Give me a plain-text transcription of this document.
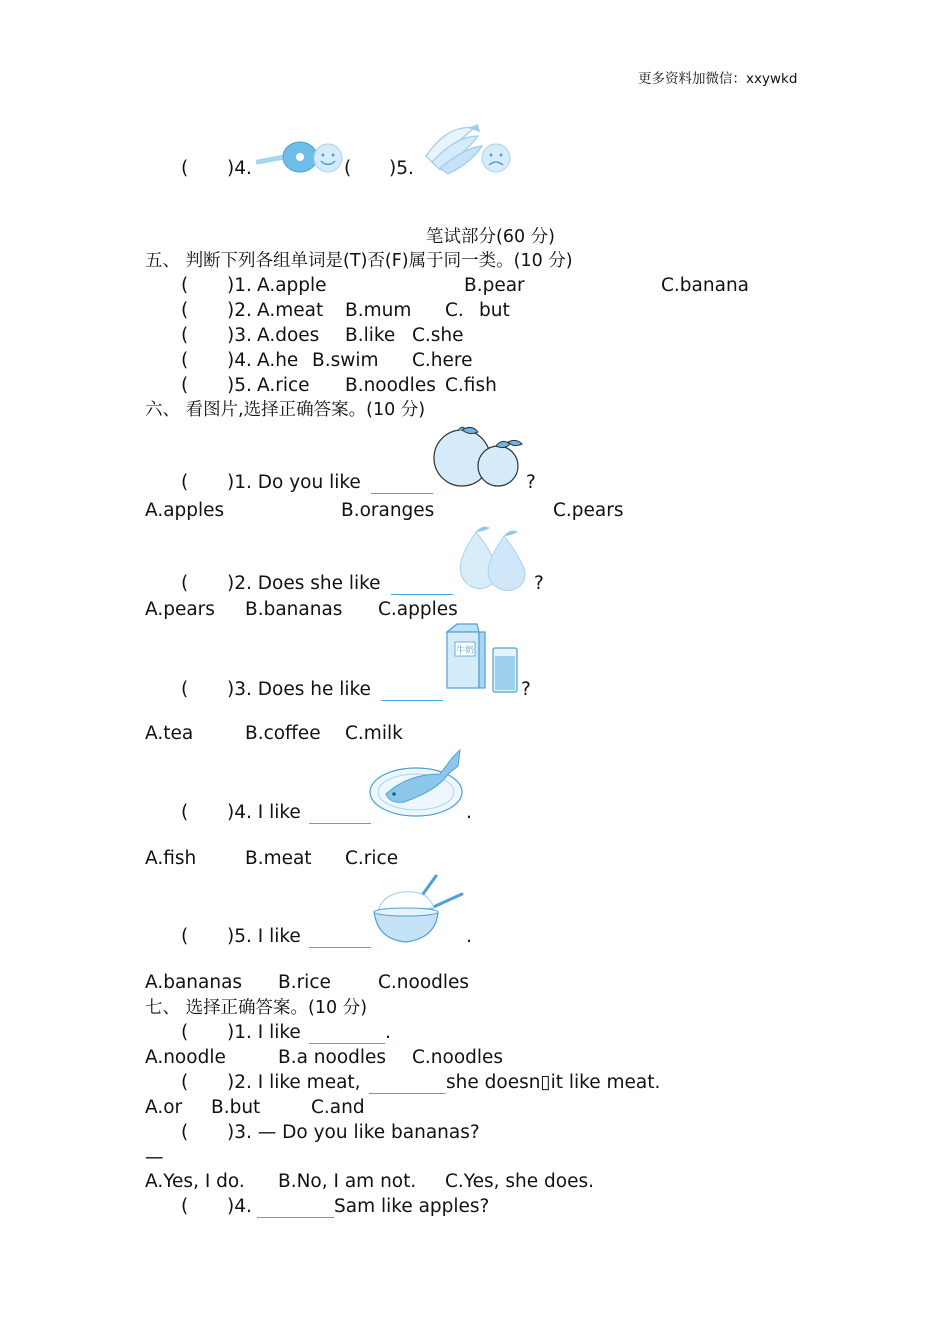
更多资料加微信：xxywkd
( )4.	( )5.
笔试部分(60 分)
五、 判断下列各组单词是(T)否(F)属于同一类。(10 分)
( )1. A.apple	B.pear	C.banana
( )2. A.meat B.mum C. but
( )3. A.does B.like C.she
( )4. A.he B.swim C.here
( )5. A.rice B.noodles C.fish
六、 看图片,选择正确答案。(10 分)
( )1. Do you like	?
A.apples	B.oranges	C.pears
( )2. Does she like	?
A.pears B.bananas C.apples
( )3. Does he like
牛奶
?
A.tea	B.coffee C.milk
( )4. I like	.
A.fish	B.meat C.rice
( )5. I like	.
A.bananas B.rice	C.noodles
七、 选择正确答案。(10 分)
( )1. I like	.
A.noodle	B.a noodles C.noodles
( )2. I like meat,	she doesn▯it like meat.
A.or B.but	C.and
( )3. — Do you like bananas?
—
A.Yes, I do. B.No, I am not. C.Yes, she does.
( )4.	Sam like apples?
